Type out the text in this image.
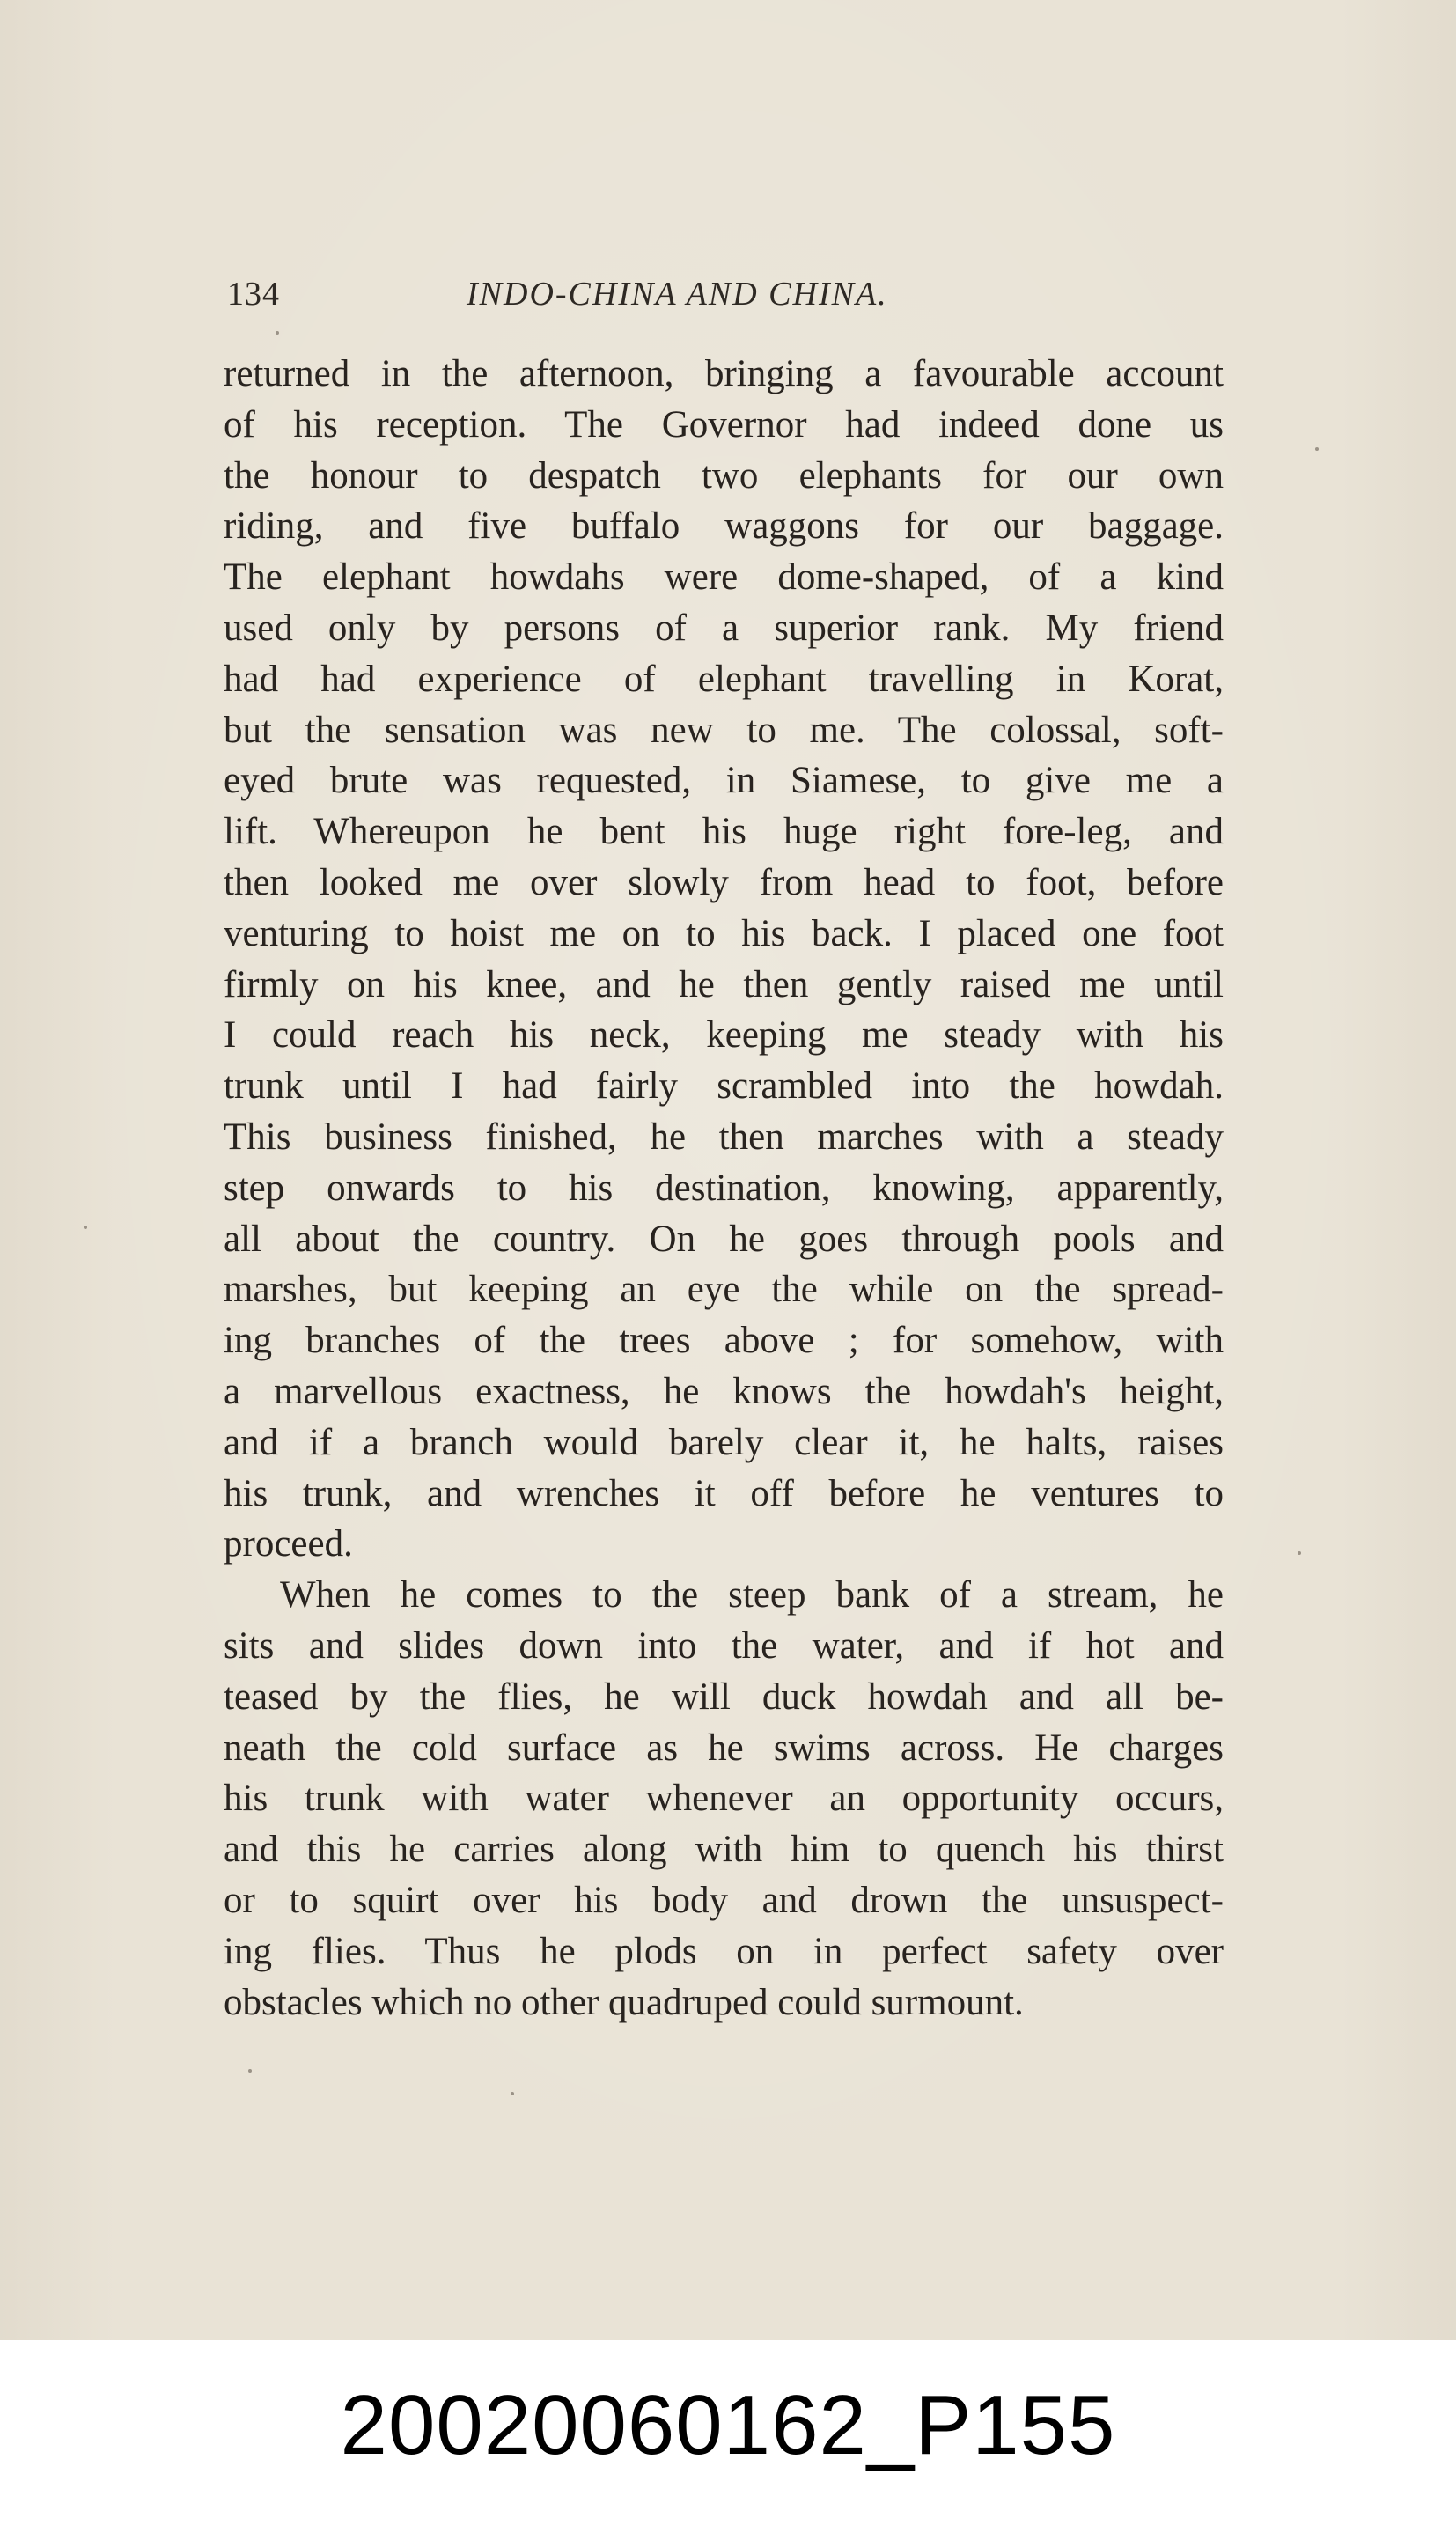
134	INDO-CHINA AND CHINA.
returned in the afternoon, bringing a favourable account
of his reception. The Governor had indeed done us
the honour to despatch two elephants for our own
riding, and five buffalo waggons for our baggage.
The elephant howdahs were dome-shaped, of a kind
used only by persons of a superior rank. My friend
had had experience of elephant travelling in Korat,
but the sensation was new to me. The colossal, soft-
eyed brute was requested, in Siamese, to give me a
lift. Whereupon he bent his huge right fore-leg, and
then looked me over slowly from head to foot, before
venturing to hoist me on to his back. I placed one foot
firmly on his knee, and he then gently raised me until
I could reach his neck, keeping me steady with his
trunk until I had fairly scrambled into the howdah.
This business finished, he then marches with a steady
step onwards to his destination, knowing, apparently,
all about the country. On he goes through pools and
marshes, but keeping an eye the while on the spread-
ing branches of the trees above ; for somehow, with
a marvellous exactness, he knows the howdah's height,
and if a branch would barely clear it, he halts, raises
his trunk, and wrenches it off before he ventures to
proceed.
When he comes to the steep bank of a stream, he
sits and slides down into the water, and if hot and
teased by the flies, he will duck howdah and all be-
neath the cold surface as he swims across. He charges
his trunk with water whenever an opportunity occurs,
and this he carries along with him to quench his thirst
or to squirt over his body and drown the unsuspect-
ing flies. Thus he plods on in perfect safety over
obstacles which no other quadruped could surmount.
20020060162_P155
